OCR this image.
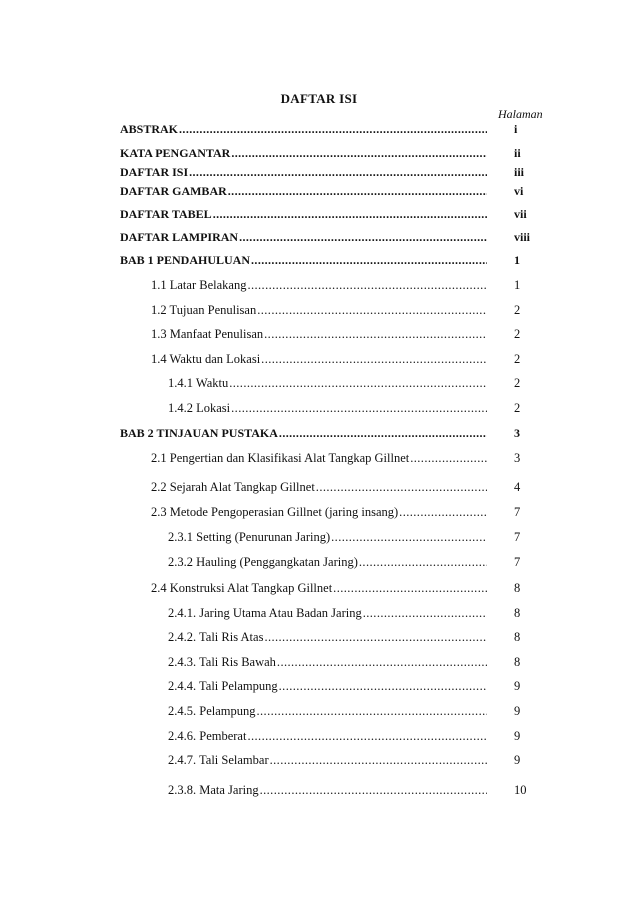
DAFTAR ISI
Halaman
ABSTRAK .....	i
KATA PENGANTAR .....	ii
DAFTAR ISI .....	iii
DAFTAR GAMBAR .....	vi
DAFTAR TABEL .....	vii
DAFTAR LAMPIRAN .....	viii
BAB 1 PENDAHULUAN .....	1
1.1 Latar Belakang .....	1
1.2 Tujuan Penulisan .....	2
1.3 Manfaat Penulisan .....	2
1.4 Waktu dan Lokasi .....	2
1.4.1 Waktu .....	2
1.4.2 Lokasi .....	2
BAB 2 TINJAUAN PUSTAKA .....	3
2.1 Pengertian dan Klasifikasi Alat Tangkap Gillnet .....	3
2.2 Sejarah Alat Tangkap Gillnet .....	4
2.3 Metode Pengoperasian Gillnet (jaring insang) .....	7
2.3.1 Setting (Penurunan Jaring) .....	7
2.3.2 Hauling (Penggangkatan Jaring) .....	7
2.4 Konstruksi Alat Tangkap Gillnet .....	8
2.4.1. Jaring Utama Atau Badan Jaring .....	8
2.4.2. Tali Ris Atas .....	8
2.4.3. Tali Ris Bawah .....	8
2.4.4. Tali Pelampung .....	9
2.4.5. Pelampung .....	9
2.4.6. Pemberat .....	9
2.4.7. Tali Selambar .....	9
2.3.8. Mata Jaring .....	10
